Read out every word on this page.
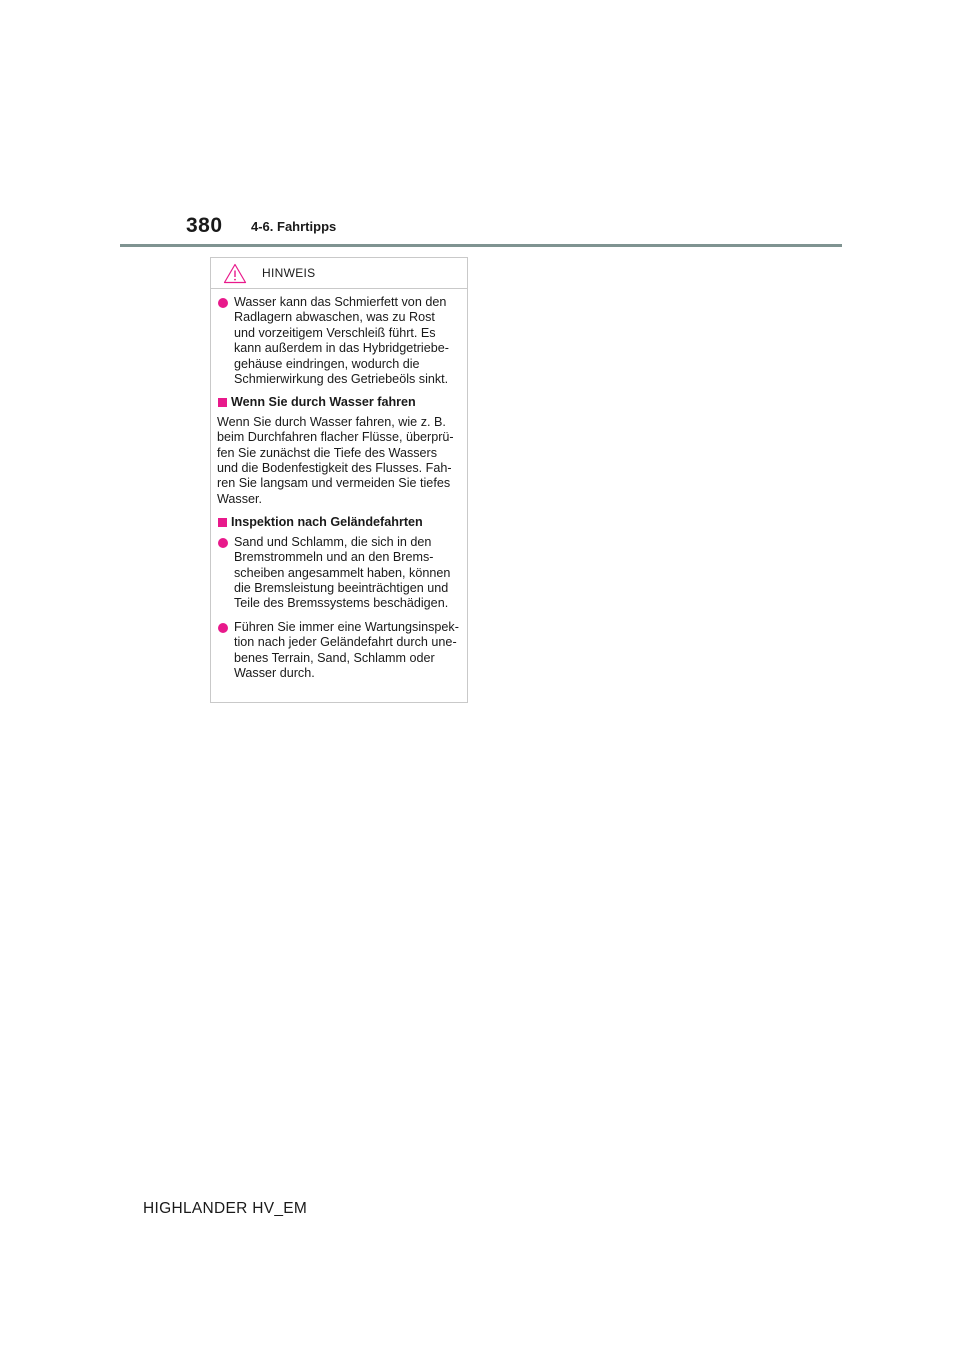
380 4-6. Fahrtipps
HINWEIS
Wasser kann das Schmierfett von den Radlagern abwaschen, was zu Rost und vorzeitigem Verschleiß führt. Es kann außerdem in das Hybridgetriebe-gehäuse eindringen, wodurch die Schmierwirkung des Getriebeöls sinkt.
Wenn Sie durch Wasser fahren
Wenn Sie durch Wasser fahren, wie z. B. beim Durchfahren flacher Flüsse, überprü-fen Sie zunächst die Tiefe des Wassers und die Bodenfestigkeit des Flusses. Fah-ren Sie langsam und vermeiden Sie tiefes Wasser.
Inspektion nach Geländefahrten
Sand und Schlamm, die sich in den Bremstrommeln und an den Brems-scheiben angesammelt haben, können die Bremsleistung beeinträchtigen und Teile des Bremssystems beschädigen.
Führen Sie immer eine Wartungsinspek-tion nach jeder Geländefahrt durch une-benes Terrain, Sand, Schlamm oder Wasser durch.
HIGHLANDER HV_EM
